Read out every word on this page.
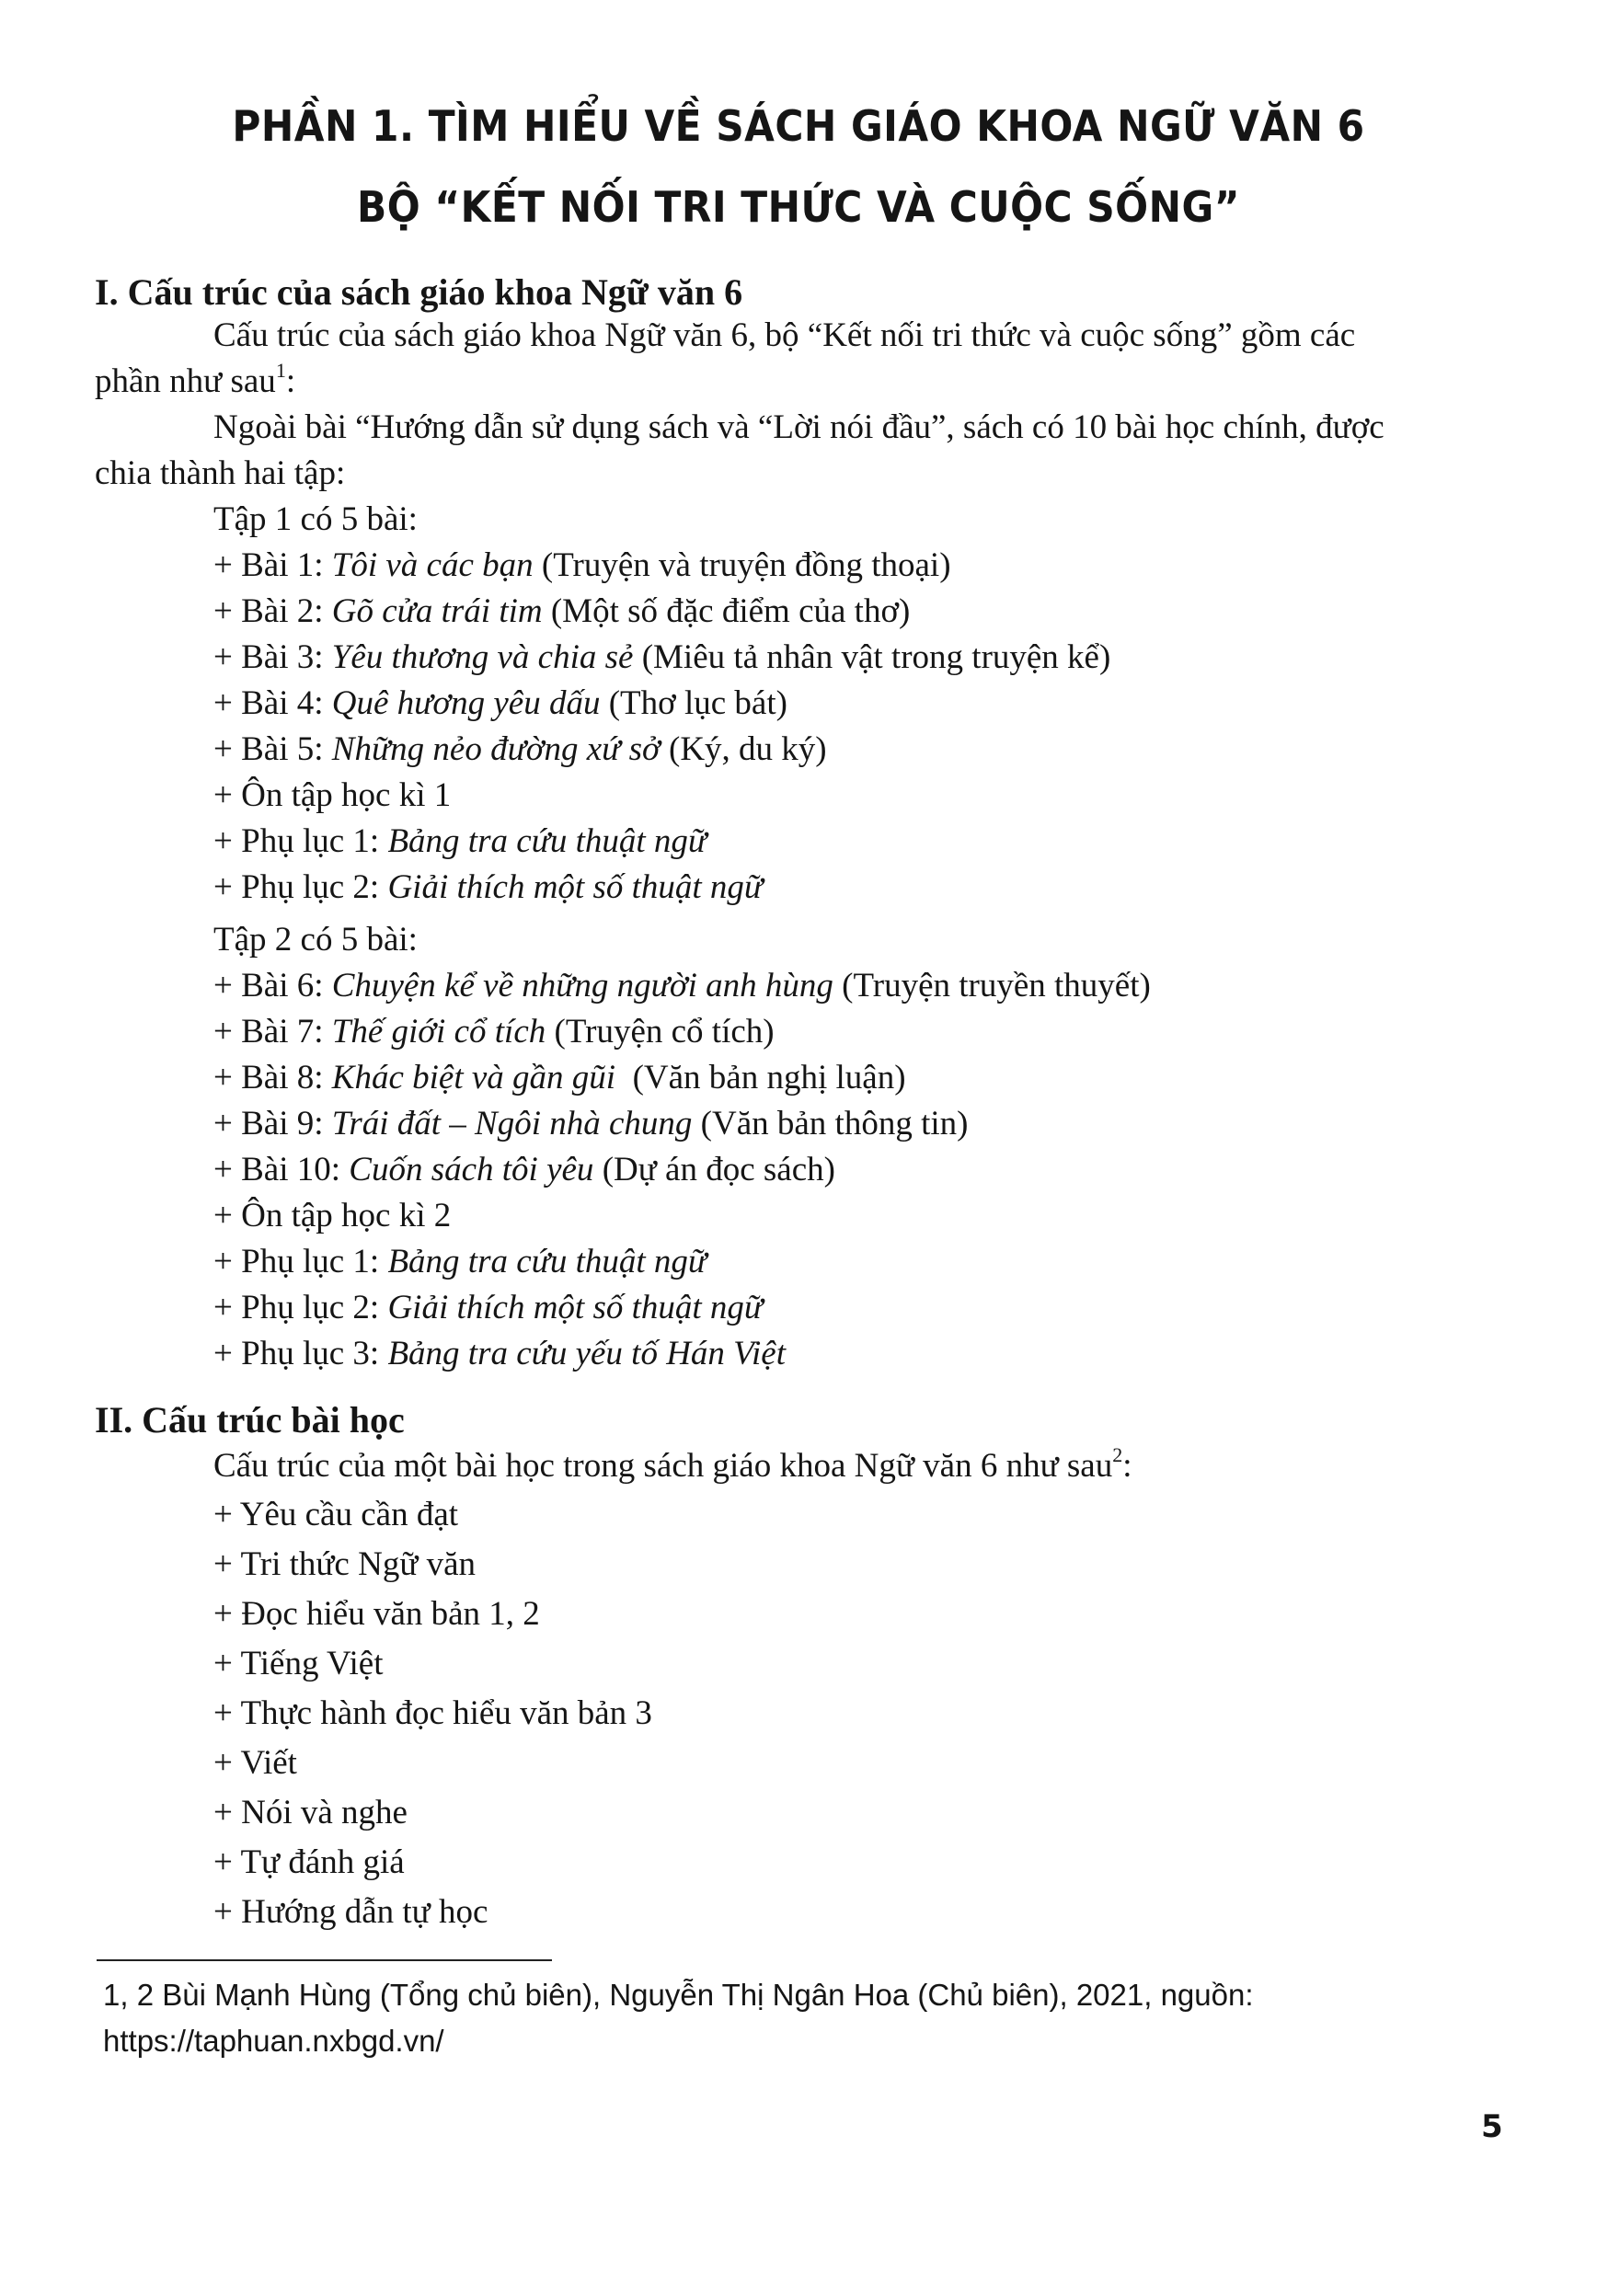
PHẦN 1. TÌM HIỂU VỀ SÁCH GIÁO KHOA NGỮ VĂN 6
BỘ “KẾT NỐI TRI THỨC VÀ CUỘC SỐNG”
I. Cấu trúc của sách giáo khoa Ngữ văn 6
Cấu trúc của sách giáo khoa Ngữ văn 6, bộ “Kết nối tri thức và cuộc sống” gồm các
phần như sau$^1$:
Ngoài bài “Hướng dẫn sử dụng sách và “Lời nói đầu”, sách có 10 bài học chính, được
chia thành hai tập:
Tập 1 có 5 bài:
+ Bài 1: Tôi và các bạn (Truyện và truyện đồng thoại)
+ Bài 2: Gõ cửa trái tim (Một số đặc điểm của thơ)
+ Bài 3: Yêu thương và chia sẻ (Miêu tả nhân vật trong truyện kể)
+ Bài 4: Quê hương yêu dấu (Thơ lục bát)
+ Bài 5: Những nẻo đường xứ sở (Ký, du ký)
+ Ôn tập học kì 1
+ Phụ lục 1: Bảng tra cứu thuật ngữ
+ Phụ lục 2: Giải thích một số thuật ngữ
Tập 2 có 5 bài:
+ Bài 6: Chuyện kể về những người anh hùng (Truyện truyền thuyết)
+ Bài 7: Thế giới cổ tích (Truyện cổ tích)
+ Bài 8: Khác biệt và gần gũi  (Văn bản nghị luận)
+ Bài 9: Trái đất – Ngôi nhà chung (Văn bản thông tin)
+ Bài 10: Cuốn sách tôi yêu (Dự án đọc sách)
+ Ôn tập học kì 2
+ Phụ lục 1: Bảng tra cứu thuật ngữ
+ Phụ lục 2: Giải thích một số thuật ngữ
+ Phụ lục 3: Bảng tra cứu yếu tố Hán Việt
II. Cấu trúc bài học
Cấu trúc của một bài học trong sách giáo khoa Ngữ văn 6 như sau$^2$:
+ Yêu cầu cần đạt
+ Tri thức Ngữ văn
+ Đọc hiểu văn bản 1, 2
+ Tiếng Việt
+ Thực hành đọc hiểu văn bản 3
+ Viết
+ Nói và nghe
+ Tự đánh giá
+ Hướng dẫn tự học
1, 2 Bùi Mạnh Hùng (Tổng chủ biên), Nguyễn Thị Ngân Hoa (Chủ biên), 2021, nguồn:
https://taphuan.nxbgd.vn/
5
